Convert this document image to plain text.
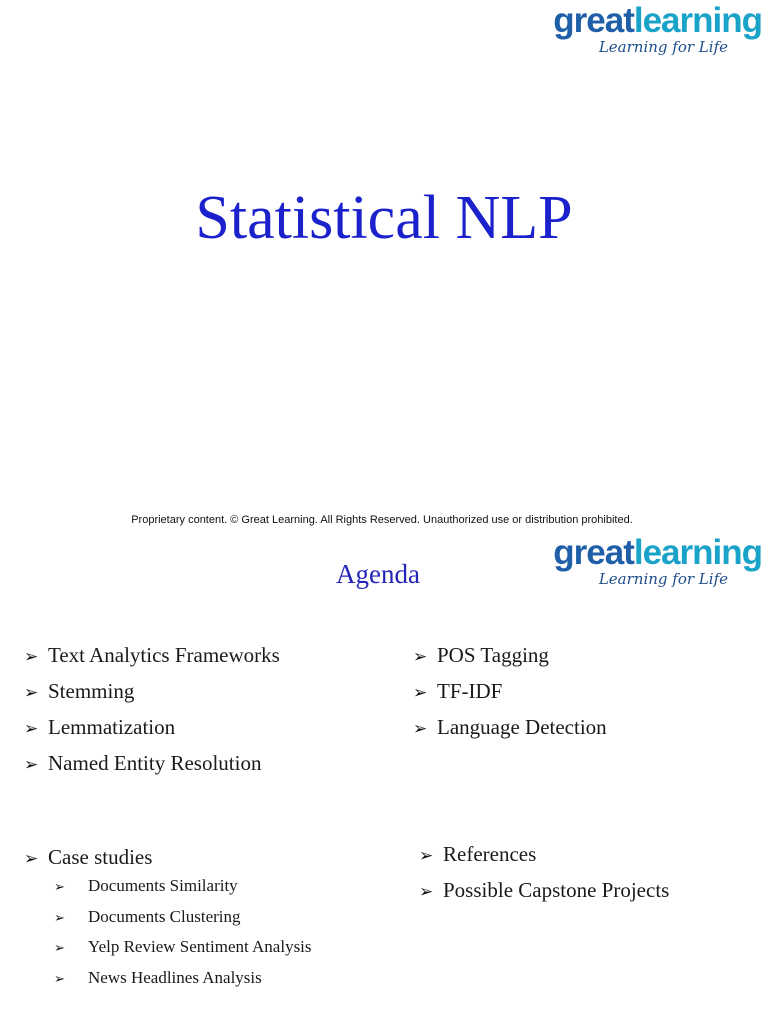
greatlearning
Learning for Life
Statistical NLP
Proprietary content. © Great Learning. All Rights Reserved. Unauthorized use or distribution prohibited.
greatlearning
Learning for Life
Agenda
➢ Text Analytics Frameworks
➢ Stemming
➢ Lemmatization
➢ Named Entity Resolution
➢ POS Tagging
➢ TF-IDF
➢ Language Detection
➢ Case studies
➢ Documents Similarity
➢ Documents Clustering
➢ Yelp Review Sentiment Analysis
➢ News Headlines Analysis
➢ References
➢ Possible Capstone Projects
